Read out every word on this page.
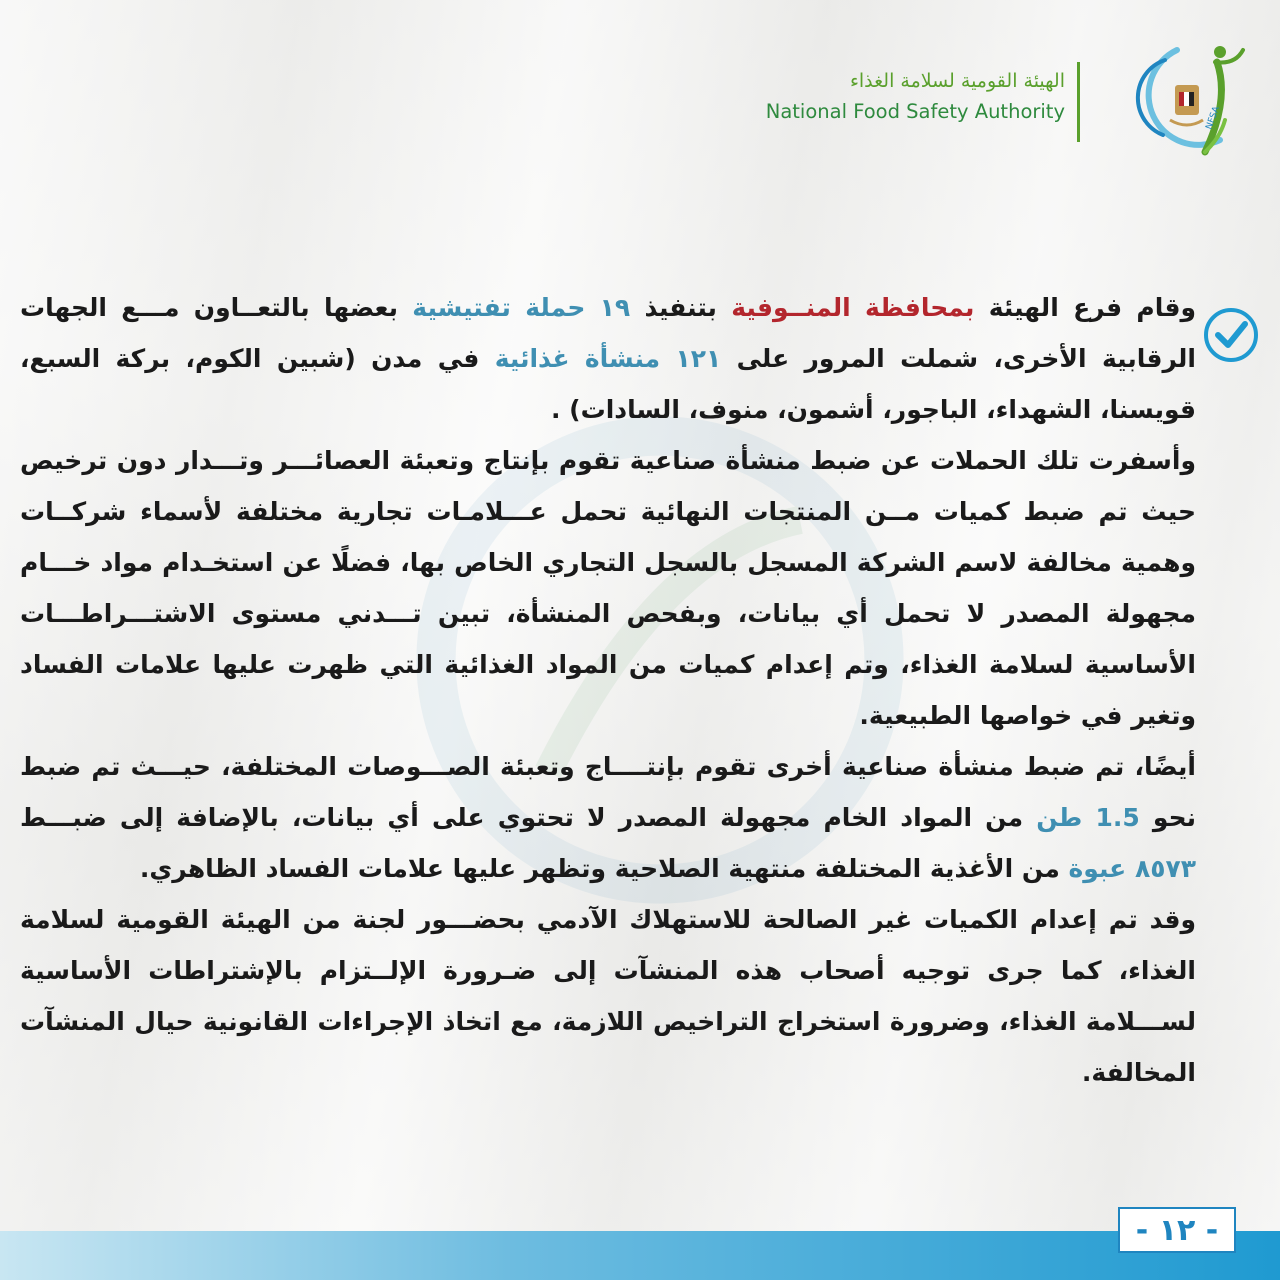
NFSA
الهيئة القومية لسلامة الغذاء
National Food Safety Authority

وقام فرع الهيئة بمحافظة المنــوفية بتنفيذ ١٩ حملة تفتيشية بعضها بالتعــاون مـــع الجهات الرقابية الأخرى، شملت المرور على ١٢١ منشأة غذائية في مدن (شبين الكوم، بركة السبع، قويسنا، الشهداء، الباجور، أشمون، منوف، السادات) .

وأسفرت تلك الحملات عن ضبط منشأة صناعية تقوم بإنتاج وتعبئة العصائـــر وتـــدار دون ترخيص حيث تم ضبط كميات مــن المنتجات النهائية تحمل عـــلامـات تجارية مختلفة لأسماء شركــات وهمية مخالفة لاسم الشركة المسجل بالسجل التجاري الخاص بها، فضلًا عن استخـدام مواد خـــام مجهولة المصدر لا تحمل أي بيانات، وبفحص المنشأة، تبين تـــدني مستوى الاشتـــراطـــات الأساسية لسلامة الغذاء، وتم إعدام كميات من المواد الغذائية التي ظهرت عليها علامات الفساد وتغير في خواصها الطبيعية.

أيضًا، تم ضبط منشأة صناعية أخرى تقوم بإنتــــاج وتعبئة الصـــوصات المختلفة، حيـــث تم ضبط نحو 1.5 طن من المواد الخام مجهولة المصدر لا تحتوي على أي بيانات، بالإضافة إلى ضبـــط ٨٥٧٣ عبوة من الأغذية المختلفة منتهية الصلاحية وتظهر عليها علامات الفساد الظاهري.

وقد تم إعدام الكميات غير الصالحة للاستهلاك الآدمي بحضـــور لجنة من الهيئة القومية لسلامة الغذاء، كما جرى توجيه أصحاب هذه المنشآت إلى ضـرورة الإلــتزام بالإشتراطات الأساسية لســـلامة الغذاء، وضرورة استخراج التراخيص اللازمة، مع اتخاذ الإجراءات القانونية حيال المنشآت المخالفة.

- ١٢ -
